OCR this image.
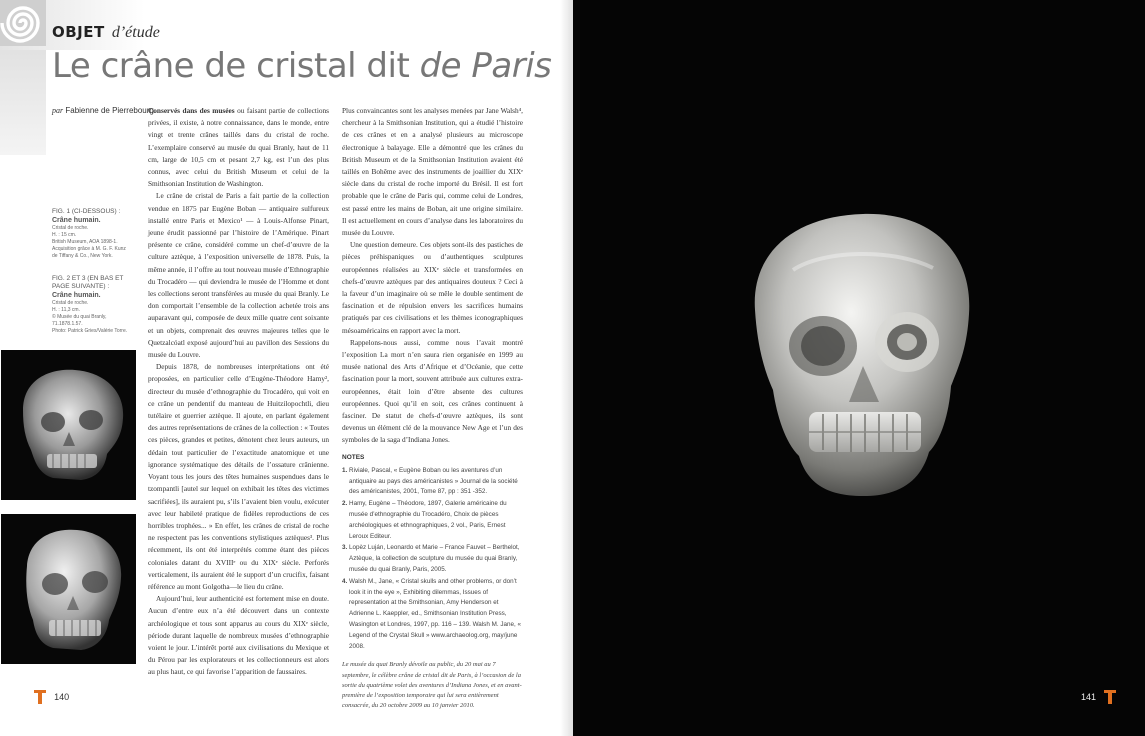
OBJET d’étude
Le crâne de cristal dit de Paris
par Fabienne de Pierrebourg
FIG. 1 (CI-DESSOUS) :
Crâne humain.
Cristal de roche.
H. : 15 cm.
British Museum, AOA 1898-1.
Acquisition grâce à M. G. F. Kunz
de Tiffany & Co., New York.
FIG. 2 ET 3 (EN BAS ET PAGE SUIVANTE) :
Crâne humain.
Cristal de roche.
H. : 11,3 cm.
© Musée du quai Branly,
71.1878.1.57.
Photo: Patrick Gries/Valérie Torre.

Conservés dans des musées ou faisant partie de collections privées, il existe, à notre connaissance, dans le monde, entre vingt et trente crânes taillés dans du cristal de roche. L’exemplaire conservé au musée du quai Branly, haut de 11 cm, large de 10,5 cm et pesant 2,7 kg, est l’un des plus connus, avec celui du British Museum et celui de la Smithsonian Institution de Washington.

Le crâne de cristal de Paris a fait partie de la collection vendue en 1875 par Eugène Boban — antiquaire sulfureux installé entre Paris et Mexico¹ — à Louis-Alfonse Pinart, jeune érudit passionné par l’histoire de l’Amérique. Pinart présente ce crâne, considéré comme un chef-d’œuvre de la culture aztèque, à l’exposition universelle de 1878. Puis, la même année, il l’offre au tout nouveau musée d’Ethnographie du Trocadéro — qui deviendra le musée de l’Homme et dont les collections seront transférées au musée du quai Branly. Le don comportait l’ensemble de la collection achetée trois ans auparavant qui, composée de deux mille quatre cent soixante et un objets, comprenait des œuvres majeures telles que le Quetzalcóatl exposé aujourd’hui au pavillon des Sessions du musée du Louvre.

Depuis 1878, de nombreuses interprétations ont été proposées, en particulier celle d’Eugène-Théodore Hamy², directeur du musée d’ethnographie du Trocadéro, qui voit en ce crâne un pendentif du manteau de Huitzilopochtli, dieu tutélaire et guerrier aztèque. Il ajoute, en parlant également des autres représentations de crânes de la collection : « Toutes ces pièces, grandes et petites, dénotent chez leurs auteurs, un dédain tout particulier de l’exactitude anatomique et une ignorance systématique des détails de l’ossature crânienne. Voyant tous les jours des têtes humaines suspendues dans le tzompantli [autel sur lequel on exhibait les têtes des victimes sacrifiées], ils auraient pu, s’ils l’avaient bien voulu, exécuter avec leur habileté pratique de fidèles reproductions de ces horribles trophées... » En effet, les crânes de cristal de roche ne respectent pas les conventions stylistiques aztèques³. Plus récemment, ils ont été interprétés comme étant des pièces coloniales datant du XVIIIᵉ ou du XIXᵉ siècle. Perforés verticalement, ils auraient été le support d’un crucifix, faisant référence au mont Golgotha—le lieu du crâne.

Aujourd’hui, leur authenticité est fortement mise en doute. Aucun d’entre eux n’a été découvert dans un contexte archéologique et tous sont apparus au cours du XIXᵉ siècle, période durant laquelle de nombreux musées d’ethnographie voient le jour. L’intérêt porté aux civilisations du Mexique et du Pérou par les explorateurs et les collectionneurs est alors au plus haut, ce qui favorise l’apparition de faussaires.

Plus convaincantes sont les analyses menées par Jane Walsh⁴, chercheur à la Smithsonian Institution, qui a étudié l’histoire de ces crânes et en a analysé plusieurs au microscope électronique à balayage. Elle a démontré que les crânes du British Museum et de la Smithsonian Institution avaient été taillés en Bohême avec des instruments de joaillier du XIXᵉ siècle dans du cristal de roche importé du Brésil. Il est fort probable que le crâne de Paris qui, comme celui de Londres, est passé entre les mains de Boban, ait une origine similaire. Il est actuellement en cours d’analyse dans les laboratoires du musée du Louvre.

Une question demeure. Ces objets sont-ils des pastiches de pièces préhispaniques ou d’authentiques sculptures européennes réalisées au XIXᵉ siècle et transformées en chefs-d’œuvre aztèques par des antiquaires douteux ? Ceci à la faveur d’un imaginaire où se mêle le double sentiment de fascination et de répulsion envers les sacrifices humains pratiqués par ces civilisations et les thèmes iconographiques mésoaméricains en rapport avec la mort.

Rappelons-nous aussi, comme nous l’avait montré l’exposition La mort n’en saura rien organisée en 1999 au musée national des Arts d’Afrique et d’Océanie, que cette fascination pour la mort, souvent attribuée aux cultures extra-européennes, était loin d’être absente des cultures européennes. Quoi qu’il en soit, ces crânes continuent à fasciner. De statut de chefs-d’œuvre aztèques, ils sont devenus un élément clé de la mouvance New Age et l’un des symboles de la saga d’Indiana Jones.

NOTES
1. Riviale, Pascal, « Eugène Boban ou les aventures d’un antiquaire au pays des américanistes » Journal de la société des américanistes, 2001, Tome 87, pp : 351 -352.
2. Hamy, Eugène – Théodore, 1897, Galerie américaine du musée d’ethnographie du Trocadéro, Choix de pièces archéologiques et ethnographiques, 2 vol., Paris, Ernest Leroux Editeur.
3. Lopèz Luján, Leonardo et Marie – France Fauvet – Berthelot, Aztèque, la collection de sculpture du musée du quai Branly, musée du quai Branly, Paris, 2005.
4. Walsh M., Jane, « Cristal skulls and other problems, or don’t look it in the eye », Exhibiting dilemmas, Issues of representation at the Smithsonian, Amy Henderson et Adrienne L. Kaeppler, ed., Smithsonian Institution Press, Wasington et Londres, 1997, pp. 116 – 139. Walsh M. Jane, « Legend of the Crystal Skull » www.archaeolog.org, may/june 2008.
Le musée du quai Branly dévoile au public, du 20 mai au 7 septembre, le célèbre crâne de cristal dit de Paris, à l’occasion de la sortie du quatrième volet des aventures d’Indiana Jones, et en avant-première de l’exposition temporaire qui lui sera entièrement consacrée, du 20 octobre 2009 au 10 janvier 2010.
140	141
